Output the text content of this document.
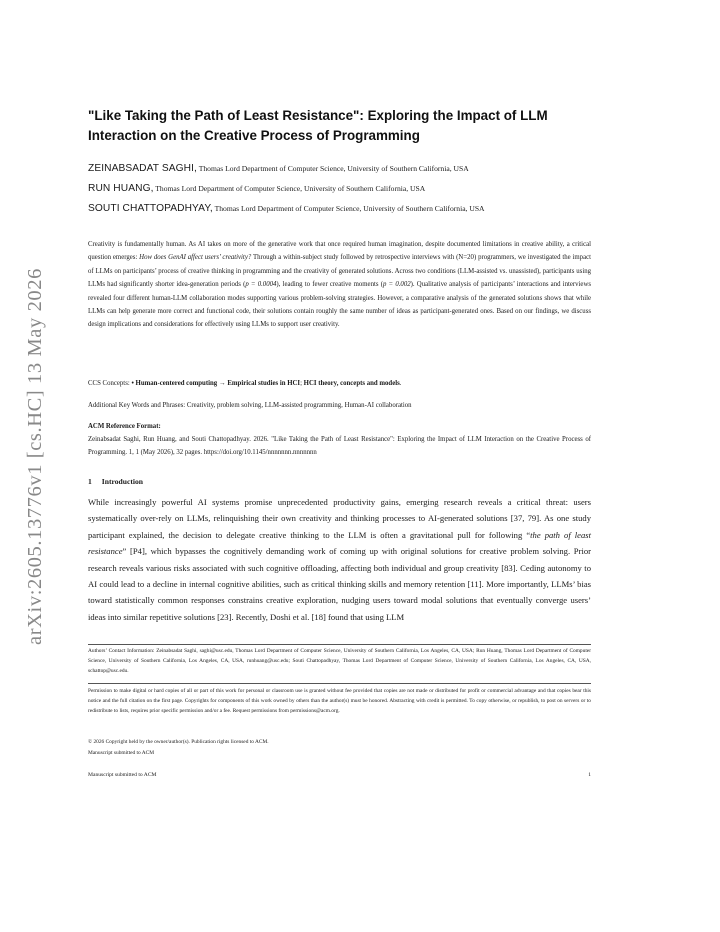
arXiv:2605.13776v1 [cs.HC] 13 May 2026
"Like Taking the Path of Least Resistance": Exploring the Impact of LLM Interaction on the Creative Process of Programming

ZEINABSADAT SAGHI, Thomas Lord Department of Computer Science, University of Southern California, USA

RUN HUANG, Thomas Lord Department of Computer Science, University of Southern California, USA

SOUTI CHATTOPADHYAY, Thomas Lord Department of Computer Science, University of Southern California, USA

Creativity is fundamentally human. As AI takes on more of the generative work that once required human imagination, despite documented limitations in creative ability, a critical question emerges: How does GenAI affect users’ creativity? Through a within-subject study followed by retrospective interviews with (N=20) programmers, we investigated the impact of LLMs on participants’ process of creative thinking in programming and the creativity of generated solutions. Across two conditions (LLM-assisted vs. unassisted), participants using LLMs had significantly shorter idea-generation periods (p = 0.0004), leading to fewer creative moments (p = 0.002). Qualitative analysis of participants’ interactions and interviews revealed four different human-LLM collaboration modes supporting various problem-solving strategies. However, a comparative analysis of the generated solutions shows that while LLMs can help generate more correct and functional code, their solutions contain roughly the same number of ideas as participant-generated ones. Based on our findings, we discuss design implications and considerations for effectively using LLMs to support user creativity.

CCS Concepts: • Human-centered computing → Empirical studies in HCI; HCI theory, concepts and models.

Additional Key Words and Phrases: Creativity, problem solving, LLM-assisted programming, Human-AI collaboration

ACM Reference Format:

Zeinabsadat Saghi, Run Huang, and Souti Chattopadhyay. 2026. "Like Taking the Path of Least Resistance": Exploring the Impact of LLM Interaction on the Creative Process of Programming. 1, 1 (May 2026), 32 pages. https://doi.org/10.1145/nnnnnnn.nnnnnnn

1 Introduction

While increasingly powerful AI systems promise unprecedented productivity gains, emerging research reveals a critical threat: users systematically over-rely on LLMs, relinquishing their own creativity and thinking processes to AI-generated solutions [37, 79]. As one study participant explained, the decision to delegate creative thinking to the LLM is often a gravitational pull for following “the path of least resistance” [P4], which bypasses the cognitively demanding work of coming up with original solutions for creative problem solving. Prior research reveals various risks associated with such cognitive offloading, affecting both individual and group creativity [83]. Ceding autonomy to AI could lead to a decline in internal cognitive abilities, such as critical thinking skills and memory retention [11]. More importantly, LLMs’ bias toward statistically common responses constrains creative exploration, nudging users toward modal solutions that eventually converge users’ ideas into similar repetitive solutions [23]. Recently, Doshi et al. [18] found that using LLM

Authors’ Contact Information: Zeinabsadat Saghi, saghi@usc.edu, Thomas Lord Department of Computer Science, University of Southern California, Los Angeles, CA, USA; Run Huang, Thomas Lord Department of Computer Science, University of Southern California, Los Angeles, CA, USA, runhuang@usc.edu; Souti Chattopadhyay, Thomas Lord Department of Computer Science, University of Southern California, Los Angeles, CA, USA, schattop@usc.edu.

Permission to make digital or hard copies of all or part of this work for personal or classroom use is granted without fee provided that copies are not made or distributed for profit or commercial advantage and that copies bear this notice and the full citation on the first page. Copyrights for components of this work owned by others than the author(s) must be honored. Abstracting with credit is permitted. To copy otherwise, or republish, to post on servers or to redistribute to lists, requires prior specific permission and/or a fee. Request permissions from permissions@acm.org.

© 2026 Copyright held by the owner/author(s). Publication rights licensed to ACM.

Manuscript submitted to ACM

Manuscript submitted to ACM	1
